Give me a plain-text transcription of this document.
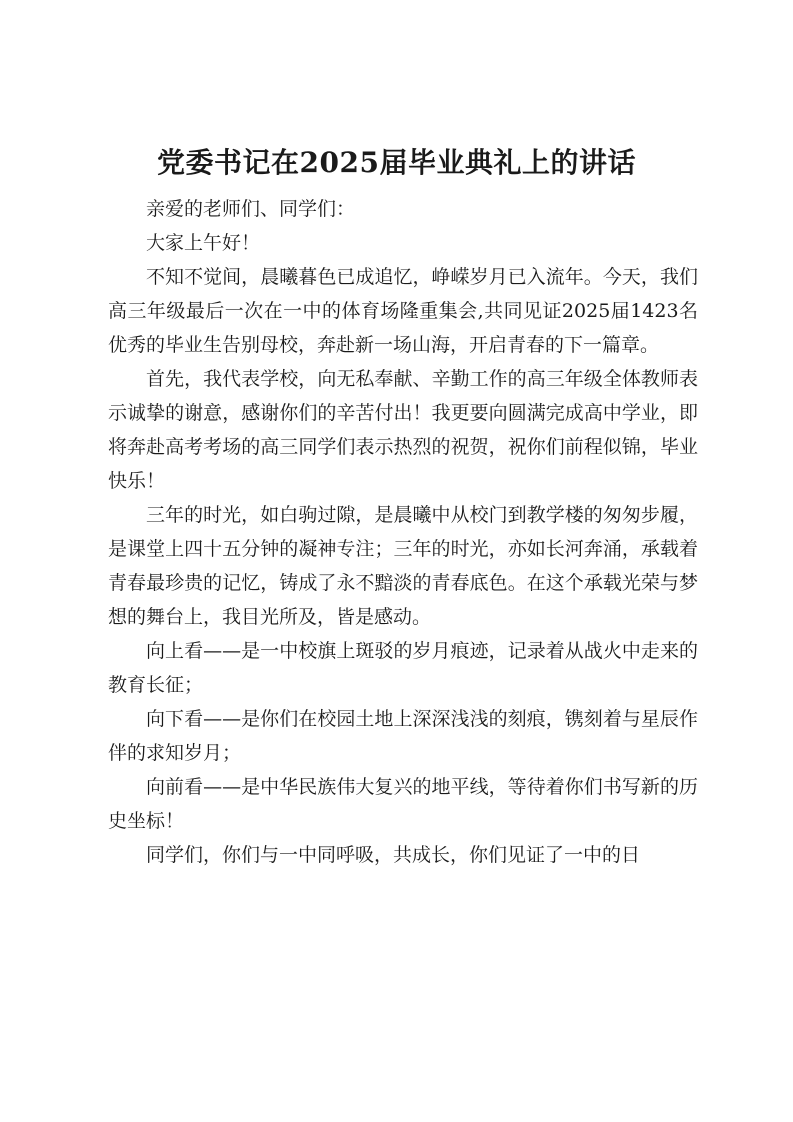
党委书记在2025届毕业典礼上的讲话

亲爱的老师们、同学们：

大家上午好！

不知不觉间，晨曦暮色已成追忆，峥嵘岁月已入流年。今天，我们高三年级最后一次在一中的体育场隆重集会,共同见证2025届1423名优秀的毕业生告别母校，奔赴新一场山海，开启青春的下一篇章。

首先，我代表学校，向无私奉献、辛勤工作的高三年级全体教师表示诚挚的谢意，感谢你们的辛苦付出！我更要向圆满完成高中学业，即将奔赴高考考场的高三同学们表示热烈的祝贺，祝你们前程似锦，毕业快乐！

三年的时光，如白驹过隙，是晨曦中从校门到教学楼的匆匆步履，是课堂上四十五分钟的凝神专注；三年的时光，亦如长河奔涌，承载着青春最珍贵的记忆，铸成了永不黯淡的青春底色。在这个承载光荣与梦想的舞台上，我目光所及，皆是感动。

向上看——是一中校旗上斑驳的岁月痕迹，记录着从战火中走来的教育长征；

向下看——是你们在校园土地上深深浅浅的刻痕，镌刻着与星辰作伴的求知岁月；

向前看——是中华民族伟大复兴的地平线，等待着你们书写新的历史坐标！

同学们，你们与一中同呼吸，共成长，你们见证了一中的日
